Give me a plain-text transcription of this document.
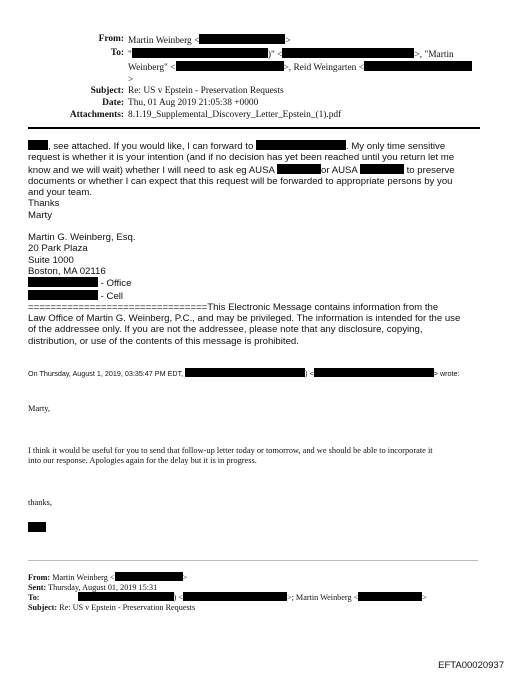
From: Martin Weinberg <	>
To: "	)" <	>, "Martin
Weinberg" <	>, Reid Weingarten <>
Subject: Re: US v Epstein - Preservation Requests
Date: Thu, 01 Aug 2019 21:05:38 +0000
Attachments: 8.1.19_Supplemental_Discovery_Letter_Epstein_(1).pdf

, see attached. If you would like, I can forward to	. My only time sensitive

request is whether it is your intention (and if no decision has yet been reached until you return let me

know and we will wait) whether I will need to ask eg AUSA	or AUSA	to preserve

documents or whether I can expect that this request will be forwarded to appropriate persons by you

and your team.

Thanks

Marty

Martin G. Weinberg, Esq.

20 Park Plaza

Suite 1000

Boston, MA 02116

- Office

- Cell

================================This Electronic Message contains information from the

Law Office of Martin G. Weinberg, P.C., and may be privileged. The information is intended for the use

of the addressee only. If you are not the addressee, please note that any disclosure, copying,

distribution, or use of the contents of this message is prohibited.

On Thursday, August 1, 2019, 03:35:47 PM EDT,	) <	> wrote:
Marty,
I think it would be useful for you to send that follow-up letter today or tomorrow, and we should be able to incorporate it
into our response. Apologies again for the delay but it is in progress.
thanks,
From: Martin Weinberg <	>
Sent: Thursday, August 01, 2019 15:31
To:	) <	>; Martin Weinberg <	>
Subject: Re: US v Epstein - Preservation Requests
EFTA00020937
